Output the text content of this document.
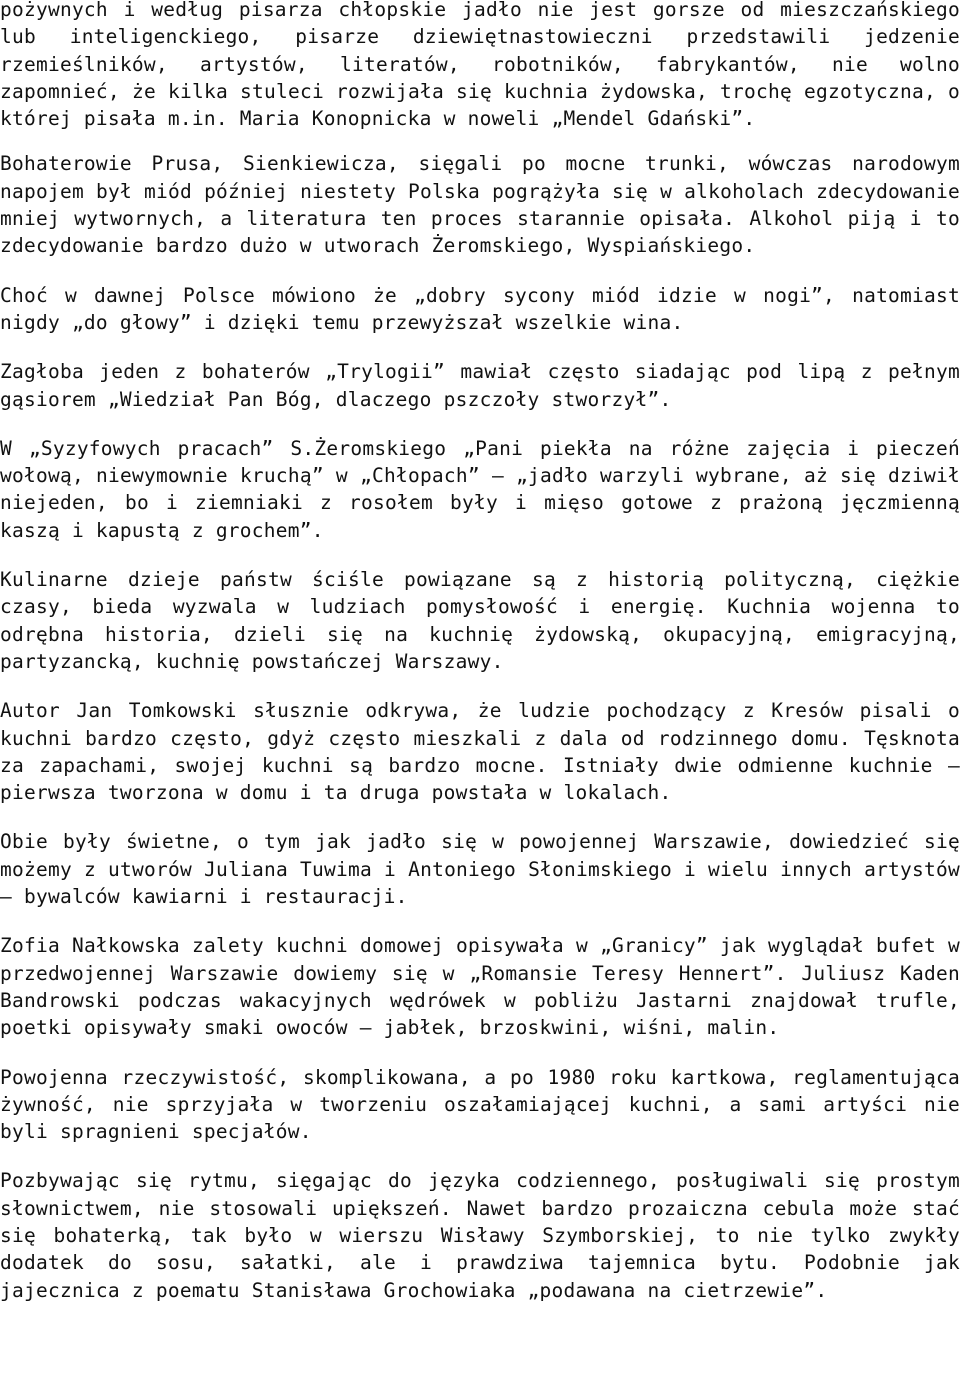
pożywnych i według pisarza chłopskie jadło nie jest gorsze od mieszczańskiego lub inteligenckiego, pisarze dziewiętnastowieczni przedstawili jedzenie rzemieślników, artystów, literatów, robotników, fabrykantów, nie wolno zapomnieć, że kilka stuleci rozwijała się kuchnia żydowska, trochę egzotyczna, o której pisała m.in. Maria Konopnicka w noweli „Mendel Gdański”.

Bohaterowie Prusa, Sienkiewicza, sięgali po mocne trunki, wówczas narodowym napojem był miód później niestety Polska pogrążyła się w alkoholach zdecydowanie mniej wytwornych, a literatura ten proces starannie opisała. Alkohol piją i to zdecydowanie bardzo dużo w utworach Żeromskiego, Wyspiańskiego.

Choć w dawnej Polsce mówiono że „dobry sycony miód idzie w nogi”, natomiast nigdy „do głowy” i dzięki temu przewyższał wszelkie wina.

Zagłoba jeden z bohaterów „Trylogii” mawiał często siadając pod lipą z pełnym gąsiorem „Wiedział Pan Bóg, dlaczego pszczoły stworzył”.

W „Syzyfowych pracach” S.Żeromskiego „Pani piekła na różne zajęcia i pieczeń wołową, niewymownie kruchą” w „Chłopach” – „jadło warzyli wybrane, aż się dziwił niejeden, bo i ziemniaki z rosołem były i mięso gotowe z prażoną jęczmienną kaszą i kapustą z grochem”.

Kulinarne dzieje państw ściśle powiązane są z historią polityczną, ciężkie czasy, bieda wyzwala w ludziach pomysłowość i energię. Kuchnia wojenna to odrębna historia, dzieli się na kuchnię żydowską, okupacyjną, emigracyjną, partyzancką, kuchnię powstańczej Warszawy.

Autor Jan Tomkowski słusznie odkrywa, że ludzie pochodzący z Kresów pisali o kuchni bardzo często, gdyż często mieszkali z dala od rodzinnego domu. Tęsknota za zapachami, swojej kuchni są bardzo mocne. Istniały dwie odmienne kuchnie – pierwsza tworzona w domu i ta druga powstała w lokalach.

Obie były świetne, o tym jak jadło się w powojennej Warszawie, dowiedzieć się możemy z utworów Juliana Tuwima i Antoniego Słonimskiego i wielu innych artystów – bywalców kawiarni i restauracji.

Zofia Nałkowska zalety kuchni domowej opisywała w „Granicy” jak wyglądał bufet w przedwojennej Warszawie dowiemy się w „Romansie Teresy Hennert”. Juliusz Kaden Bandrowski podczas wakacyjnych wędrówek w pobliżu Jastarni znajdował trufle, poetki opisywały smaki owoców – jabłek, brzoskwini, wiśni, malin.

Powojenna rzeczywistość, skomplikowana, a po 1980 roku kartkowa, reglamentująca żywność, nie sprzyjała w tworzeniu oszałamiającej kuchni, a sami artyści nie byli spragnieni specjałów.

Pozbywając się rytmu, sięgając do języka codziennego, posługiwali się prostym słownictwem, nie stosowali upiększeń. Nawet bardzo prozaiczna cebula może stać się bohaterką, tak było w wierszu Wisławy Szymborskiej, to nie tylko zwykły dodatek do sosu, sałatki, ale i prawdziwa tajemnica bytu. Podobnie jak jajecznica z poematu Stanisława Grochowiaka „podawana na cietrzewie”.
